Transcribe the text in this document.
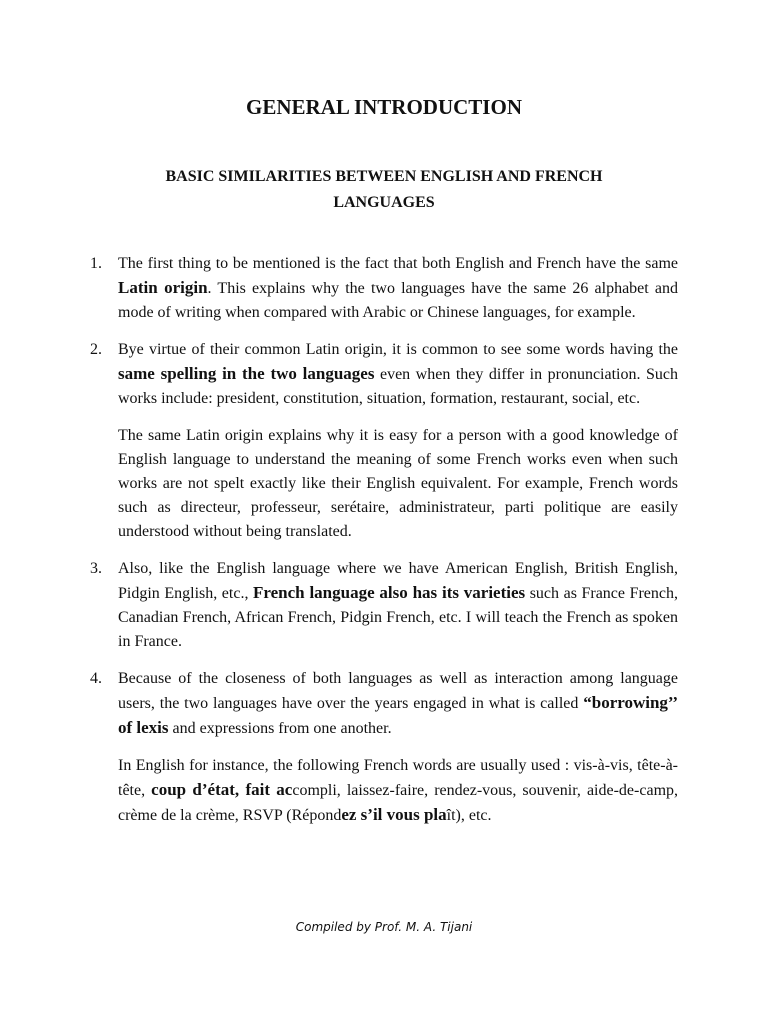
GENERAL INTRODUCTION
BASIC SIMILARITIES BETWEEN ENGLISH AND FRENCH LANGUAGES
1. The first thing to be mentioned is the fact that both English and French have the same Latin origin. This explains why the two languages have the same 26 alphabet and mode of writing when compared with Arabic or Chinese languages, for example.

2. Bye virtue of their common Latin origin, it is common to see some words having the same spelling in the two languages even when they differ in pronunciation. Such works include: president, constitution, situation, formation, restaurant, social, etc.

The same Latin origin explains why it is easy for a person with a good knowledge of English language to understand the meaning of some French works even when such works are not spelt exactly like their English equivalent. For example, French words such as directeur, professeur, serétaire, administrateur, parti politique are easily understood without being translated.

3. Also, like the English language where we have American English, British English, Pidgin English, etc., French language also has its varieties such as France French, Canadian French, African French, Pidgin French, etc. I will teach the French as spoken in France.

4. Because of the closeness of both languages as well as interaction among language users, the two languages have over the years engaged in what is called “borrowing’’ of lexis and expressions from one another.

In English for instance, the following French words are usually used : vis-à-vis, tête-à-tête, coup d’état, fait accompli, laissez-faire, rendez-vous, souvenir, aide-de-camp, crème de la crème, RSVP (Répondez s’il vous plaît), etc.

Compiled by Prof. M. A. Tijani
